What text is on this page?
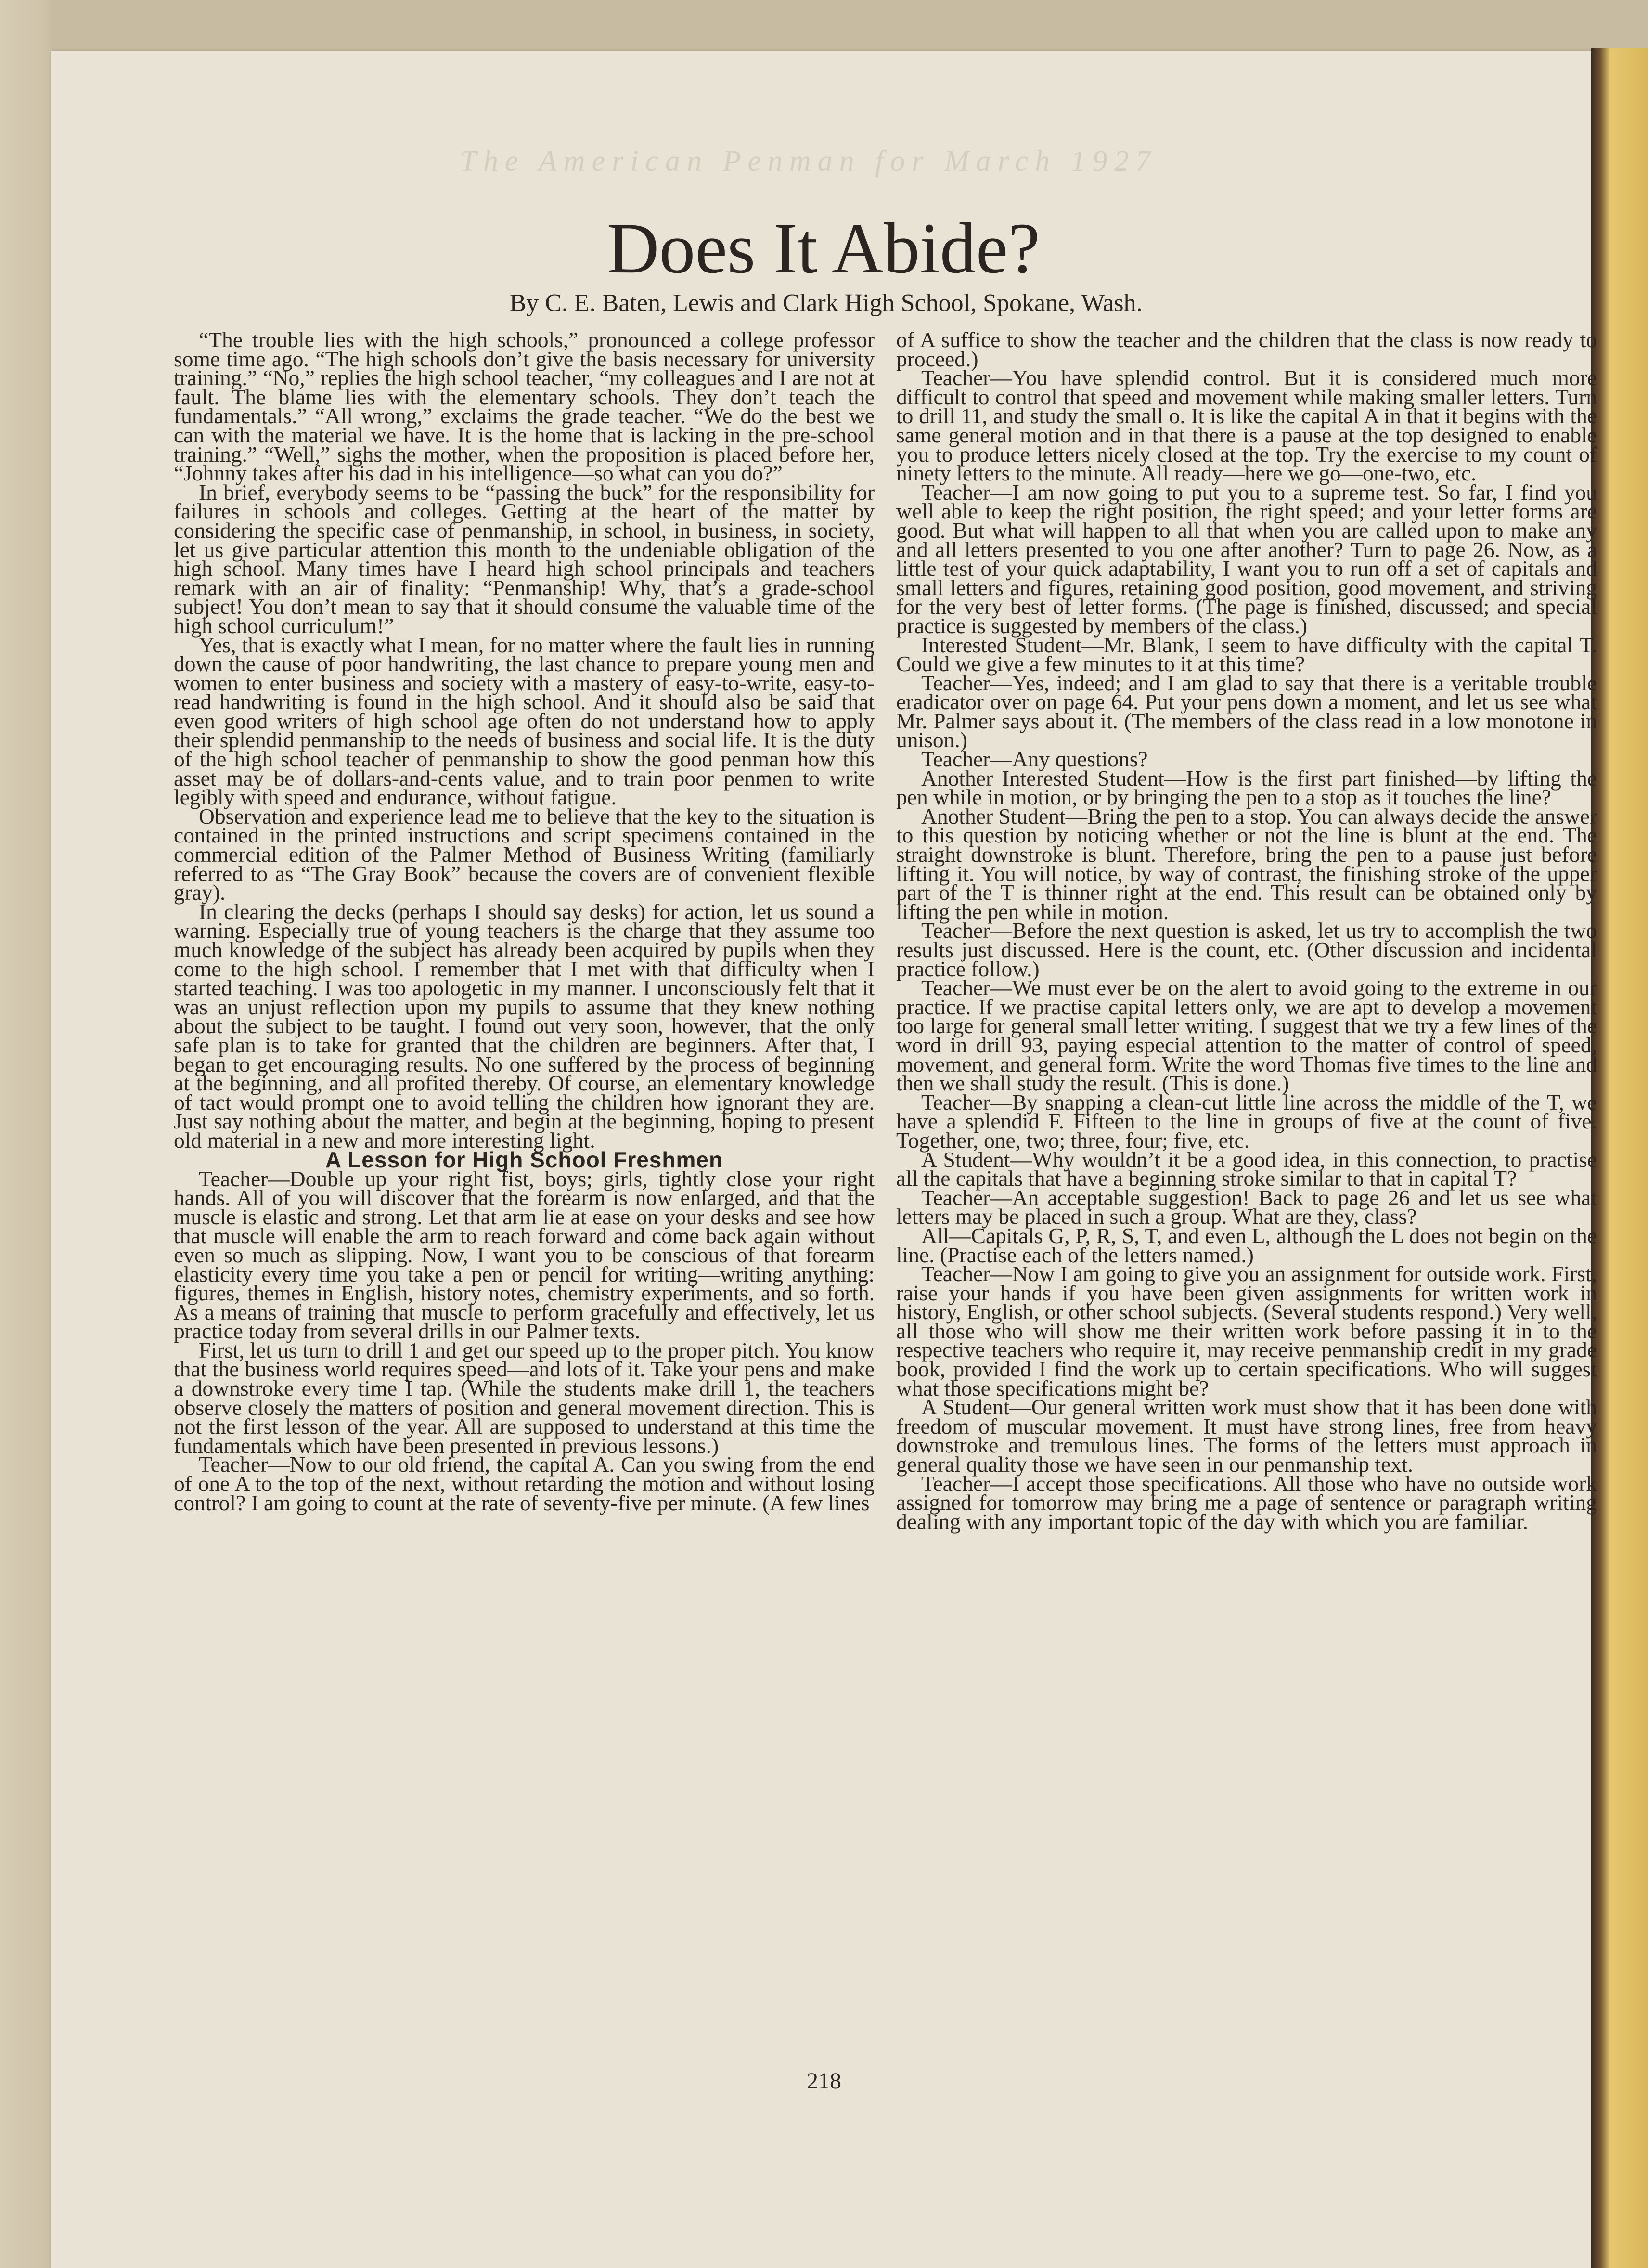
The American Penman for March 1927
Does It Abide?

By C. E. Baten, Lewis and Clark High School, Spokane, Wash.

“The trouble lies with the high schools,” pronounced a college professor some time ago. “The high schools don’t give the basis necessary for university training.” “No,” replies the high school teacher, “my colleagues and I are not at fault. The blame lies with the elementary schools. They don’t teach the fundamentals.” “All wrong,” exclaims the grade teacher. “We do the best we can with the material we have. It is the home that is lacking in the pre-school training.” “Well,” sighs the mother, when the proposition is placed before her, “Johnny takes after his dad in his intelligence—so what can you do?”

In brief, everybody seems to be “passing the buck” for the responsibility for failures in schools and colleges. Getting at the heart of the matter by considering the specific case of penmanship, in school, in business, in society, let us give particular attention this month to the undeniable obligation of the high school. Many times have I heard high school principals and teachers remark with an air of finality: “Penmanship! Why, that’s a grade-school subject! You don’t mean to say that it should consume the valuable time of the high school curriculum!”

Yes, that is exactly what I mean, for no matter where the fault lies in running down the cause of poor handwriting, the last chance to prepare young men and women to enter business and society with a mastery of easy-to-write, easy-to-read handwriting is found in the high school. And it should also be said that even good writers of high school age often do not understand how to apply their splendid penmanship to the needs of business and social life. It is the duty of the high school teacher of penmanship to show the good penman how this asset may be of dollars-and-cents value, and to train poor penmen to write legibly with speed and endurance, without fatigue.

Observation and experience lead me to believe that the key to the situation is contained in the printed instructions and script specimens contained in the commercial edition of the Palmer Method of Business Writing (familiarly referred to as “The Gray Book” because the covers are of convenient flexible gray).

In clearing the decks (perhaps I should say desks) for action, let us sound a warning. Especially true of young teachers is the charge that they assume too much knowledge of the subject has already been acquired by pupils when they come to the high school. I remember that I met with that difficulty when I started teaching. I was too apologetic in my manner. I unconsciously felt that it was an unjust reflection upon my pupils to assume that they knew nothing about the subject to be taught. I found out very soon, however, that the only safe plan is to take for granted that the children are beginners. After that, I began to get encouraging results. No one suffered by the process of beginning at the beginning, and all profited thereby. Of course, an elementary knowledge of tact would prompt one to avoid telling the children how ignorant they are. Just say nothing about the matter, and begin at the beginning, hoping to present old material in a new and more interesting light.

A Lesson for High School Freshmen

Teacher—Double up your right fist, boys; girls, tightly close your right hands. All of you will discover that the forearm is now enlarged, and that the muscle is elastic and strong. Let that arm lie at ease on your desks and see how that muscle will enable the arm to reach forward and come back again without even so much as slipping. Now, I want you to be conscious of that forearm elasticity every time you take a pen or pencil for writing—writing anything: figures, themes in English, history notes, chemistry experiments, and so forth. As a means of training that muscle to perform gracefully and effectively, let us practice today from several drills in our Palmer texts.

First, let us turn to drill 1 and get our speed up to the proper pitch. You know that the business world requires speed—and lots of it. Take your pens and make a downstroke every time I tap. (While the students make drill 1, the teachers observe closely the matters of position and general movement direction. This is not the first lesson of the year. All are supposed to understand at this time the fundamentals which have been presented in previous lessons.)

Teacher—Now to our old friend, the capital A. Can you swing from the end of one A to the top of the next, without retarding the motion and without losing control? I am going to count at the rate of seventy-five per minute. (A few lines

of A suffice to show the teacher and the children that the class is now ready to proceed.)

Teacher—You have splendid control. But it is considered much more difficult to control that speed and movement while making smaller letters. Turn to drill 11, and study the small o. It is like the capital A in that it begins with the same general motion and in that there is a pause at the top designed to enable you to produce letters nicely closed at the top. Try the exercise to my count of ninety letters to the minute. All ready—here we go—one-two, etc.

Teacher—I am now going to put you to a supreme test. So far, I find you well able to keep the right position, the right speed; and your letter forms are good. But what will happen to all that when you are called upon to make any and all letters presented to you one after another? Turn to page 26. Now, as a little test of your quick adaptability, I want you to run off a set of capitals and small letters and figures, retaining good position, good movement, and striving for the very best of letter forms. (The page is finished, discussed; and special practice is suggested by members of the class.)

Interested Student—Mr. Blank, I seem to have difficulty with the capital T. Could we give a few minutes to it at this time?

Teacher—Yes, indeed; and I am glad to say that there is a veritable trouble eradicator over on page 64. Put your pens down a moment, and let us see what Mr. Palmer says about it. (The members of the class read in a low monotone in unison.)

Teacher—Any questions?

Another Interested Student—How is the first part finished—by lifting the pen while in motion, or by bringing the pen to a stop as it touches the line?

Another Student—Bring the pen to a stop. You can always decide the answer to this question by noticing whether or not the line is blunt at the end. The straight downstroke is blunt. Therefore, bring the pen to a pause just before lifting it. You will notice, by way of contrast, the finishing stroke of the upper part of the T is thinner right at the end. This result can be obtained only by lifting the pen while in motion.

Teacher—Before the next question is asked, let us try to accomplish the two results just discussed. Here is the count, etc. (Other discussion and incidental practice follow.)

Teacher—We must ever be on the alert to avoid going to the extreme in our practice. If we practise capital letters only, we are apt to develop a movement too large for general small letter writing. I suggest that we try a few lines of the word in drill 93, paying especial attention to the matter of control of speed, movement, and general form. Write the word Thomas five times to the line and then we shall study the result. (This is done.)

Teacher—By snapping a clean-cut little line across the middle of the T, we have a splendid F. Fifteen to the line in groups of five at the count of five. Together, one, two; three, four; five, etc.

A Student—Why wouldn’t it be a good idea, in this connection, to practise all the capitals that have a beginning stroke similar to that in capital T?

Teacher—An acceptable suggestion! Back to page 26 and let us see what letters may be placed in such a group. What are they, class?

All—Capitals G, P, R, S, T, and even L, although the L does not begin on the line. (Practise each of the letters named.)

Teacher—Now I am going to give you an assignment for outside work. First, raise your hands if you have been given assignments for written work in history, English, or other school subjects. (Several students respond.) Very well, all those who will show me their written work before passing it in to the respective teachers who require it, may receive penmanship credit in my grade book, provided I find the work up to certain specifications. Who will suggest what those specifications might be?

A Student—Our general written work must show that it has been done with freedom of muscular movement. It must have strong lines, free from heavy downstroke and tremulous lines. The forms of the letters must approach in general quality those we have seen in our penmanship text.

Teacher—I accept those specifications. All those who have no outside work assigned for tomorrow may bring me a page of sentence or paragraph writing dealing with any important topic of the day with which you are familiar.

218
